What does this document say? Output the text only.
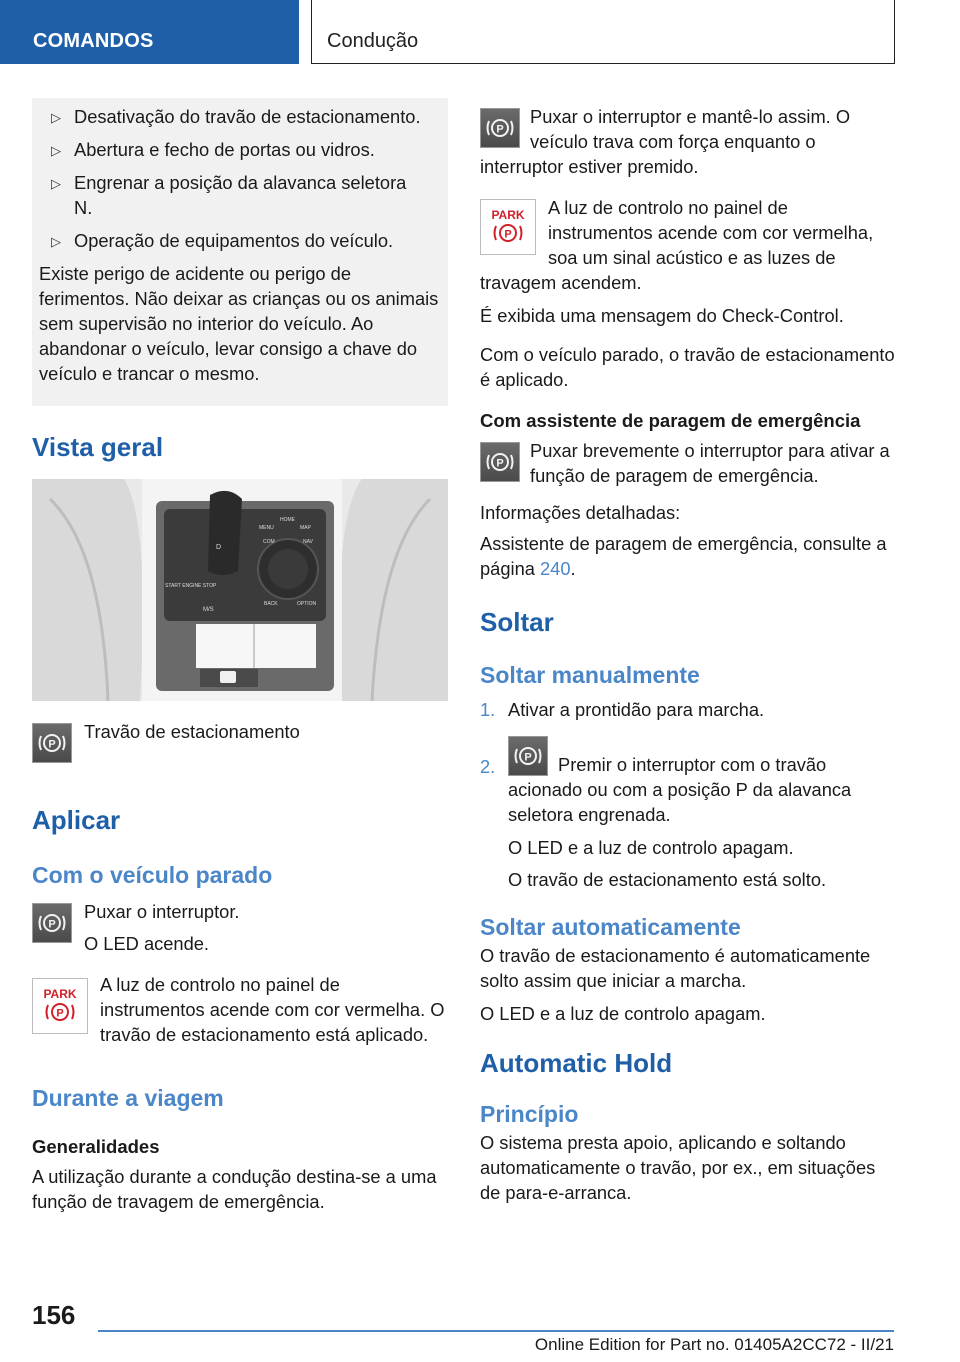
COMANDOS	Condução
▷ Desativação do travão de estacionamento.
▷ Abertura e fecho de portas ou vidros.
▷ Engrenar a posição da alavanca seletora N.
▷ Operação de equipamentos do veículo.

Existe perigo de acidente ou perigo de ferimentos. Não deixar as crianças ou os animais sem supervisão no interior do veículo. Ao abandonar o veículo, levar consigo a chave do veículo e trancar o mesmo.

Vista geral
D
START ENGINE STOP
M/S
MENU
HOME
MAP
COM	NAV
BACK	OPTION
P

Travão de estacionamento

Aplicar
Com o veículo parado
P

Puxar o interruptor.

O LED acende.

PARK
P

A luz de controlo no painel de instrumentos acende com cor vermelha. O travão de estacionamento está aplicado.

Durante a viagem
Generalidades

A utilização durante a condução destina-se a uma função de travagem de emergência.

P

Puxar o interruptor e mantê-lo assim. O veículo trava com força enquanto o interruptor estiver premido.

PARK
P

A luz de controlo no painel de instrumentos acende com cor vermelha, soa um sinal acústico e as luzes de travagem acendem.

É exibida uma mensagem do Check-Control.

Com o veículo parado, o travão de estacionamento é aplicado.

Com assistente de paragem de emergência
P

Puxar brevemente o interruptor para ativar a função de paragem de emergência.

Informações detalhadas:

Assistente de paragem de emergência, consulte a página 240.

Soltar
Soltar manualmente
1. Ativar a prontidão para marcha.
2.	P	Premir o interruptor com o travão acionado ou com a posição P da alavanca seletora engrenada.

O LED e a luz de controlo apagam.

O travão de estacionamento está solto.

Soltar automaticamente

O travão de estacionamento é automaticamente solto assim que iniciar a marcha.

O LED e a luz de controlo apagam.

Automatic Hold
Princípio

O sistema presta apoio, aplicando e soltando automaticamente o travão, por ex., em situações de para-e-arranca.

156
Online Edition for Part no. 01405A2CC72 - II/21
